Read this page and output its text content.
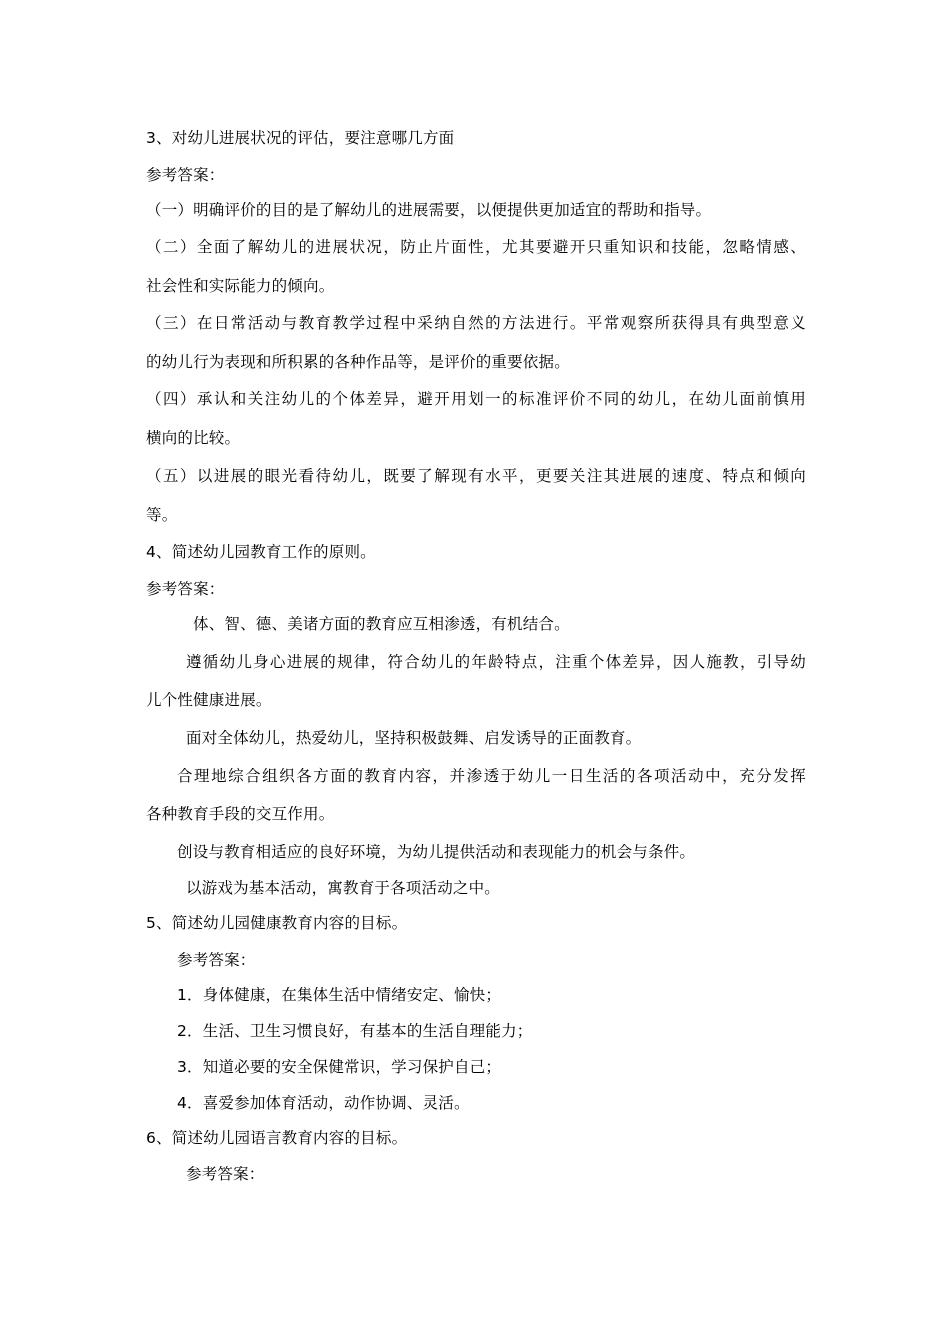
3、对幼儿进展状况的评估，要注意哪几方面
参考答案：
（一）明确评价的目的是了解幼儿的进展需要，以便提供更加适宜的帮助和指导。
（二）全面了解幼儿的进展状况，防止片面性，尤其要避开只重知识和技能，忽略情感、
社会性和实际能力的倾向。
（三）在日常活动与教育教学过程中采纳自然的方法进行。平常观察所获得具有典型意义
的幼儿行为表现和所积累的各种作品等，是评价的重要依据。
（四）承认和关注幼儿的个体差异，避开用划一的标准评价不同的幼儿，在幼儿面前慎用
横向的比较。
（五）以进展的眼光看待幼儿，既要了解现有水平，更要关注其进展的速度、特点和倾向
等。
4、简述幼儿园教育工作的原则。
参考答案：
体、智、德、美诸方面的教育应互相渗透，有机结合。
遵循幼儿身心进展的规律，符合幼儿的年龄特点，注重个体差异，因人施教，引导幼
儿个性健康进展。
面对全体幼儿，热爱幼儿，坚持积极鼓舞、启发诱导的正面教育。
合理地综合组织各方面的教育内容，并渗透于幼儿一日生活的各项活动中，充分发挥
各种教育手段的交互作用。
创设与教育相适应的良好环境，为幼儿提供活动和表现能力的机会与条件。
以游戏为基本活动，寓教育于各项活动之中。
5、简述幼儿园健康教育内容的目标。
参考答案：
1．身体健康，在集体生活中情绪安定、愉快；
2．生活、卫生习惯良好，有基本的生活自理能力；
3．知道必要的安全保健常识，学习保护自己；
4．喜爱参加体育活动，动作协调、灵活。
6、简述幼儿园语言教育内容的目标。
参考答案：
